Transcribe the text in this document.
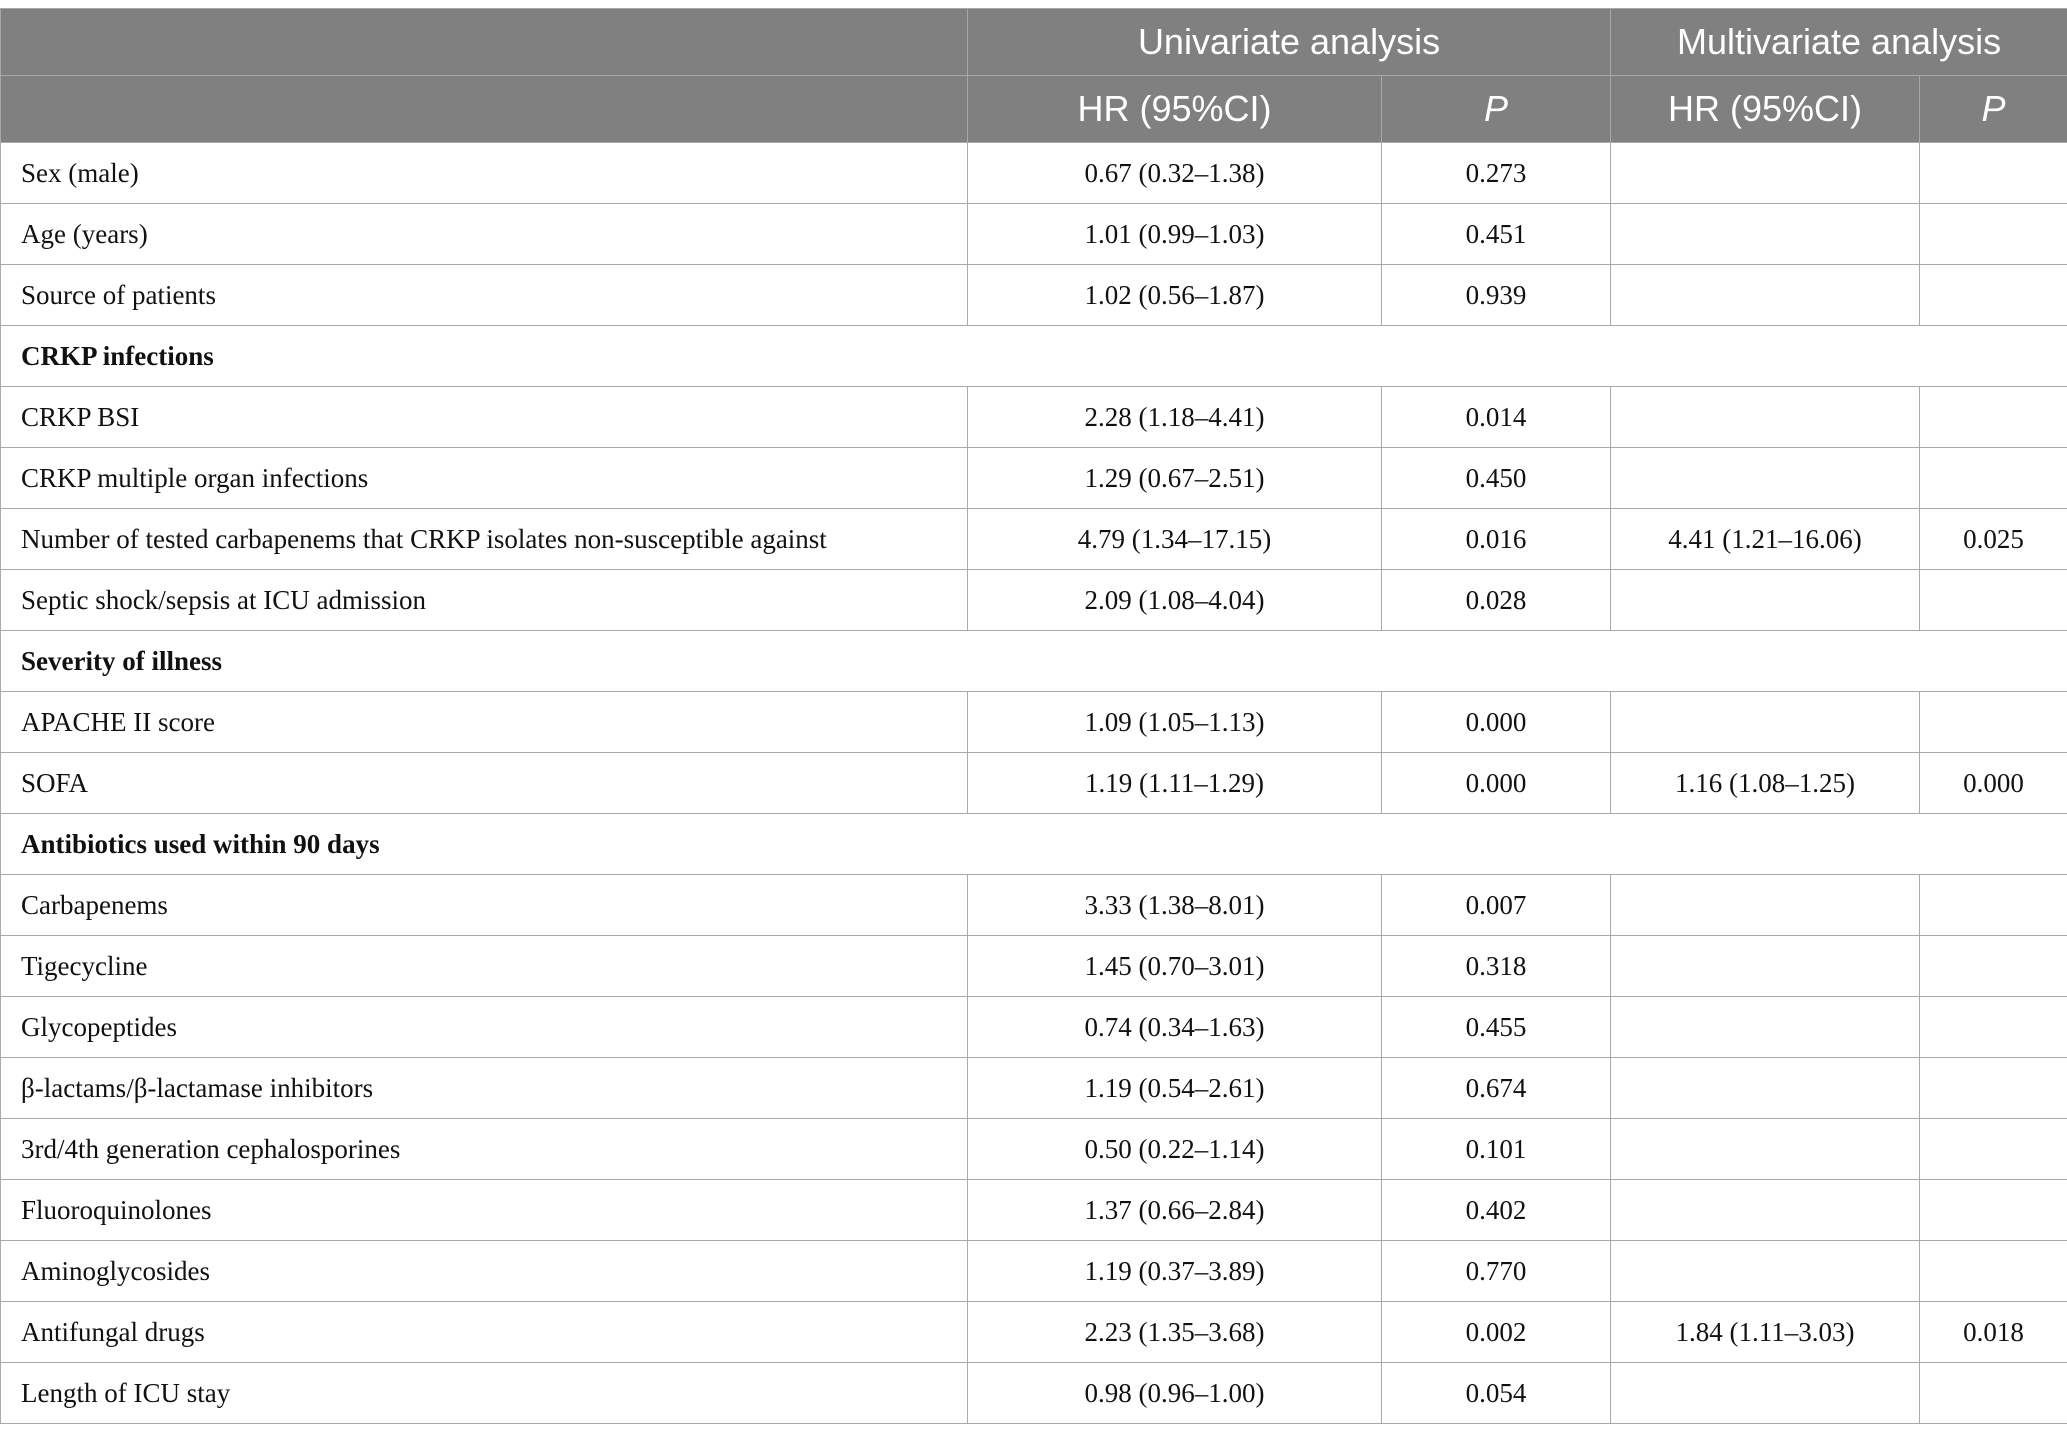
	Univariate analysis		Multivariate analysis	
	HR (95%CI)	P	HR (95%CI)	P
Sex (male)	0.67 (0.32–1.38)	0.273		
Age (years)	1.01 (0.99–1.03)	0.451		
Source of patients	1.02 (0.56–1.87)	0.939		
CRKP infections				
CRKP BSI	2.28 (1.18–4.41)	0.014		
CRKP multiple organ infections	1.29 (0.67–2.51)	0.450		
Number of tested carbapenems that CRKP isolates non-susceptible against	4.79 (1.34–17.15)	0.016	4.41 (1.21–16.06)	0.025
Septic shock/sepsis at ICU admission	2.09 (1.08–4.04)	0.028		
Severity of illness				
APACHE II score	1.09 (1.05–1.13)	0.000		
SOFA	1.19 (1.11–1.29)	0.000	1.16 (1.08–1.25)	0.000
Antibiotics used within 90 days				
Carbapenems	3.33 (1.38–8.01)	0.007		
Tigecycline	1.45 (0.70–3.01)	0.318		
Glycopeptides	0.74 (0.34–1.63)	0.455		
β-lactams/β-lactamase inhibitors	1.19 (0.54–2.61)	0.674		
3rd/4th generation cephalosporines	0.50 (0.22–1.14)	0.101		
Fluoroquinolones	1.37 (0.66–2.84)	0.402		
Aminoglycosides	1.19 (0.37–3.89)	0.770		
Antifungal drugs	2.23 (1.35–3.68)	0.002	1.84 (1.11–3.03)	0.018
Length of ICU stay	0.98 (0.96–1.00)	0.054		
